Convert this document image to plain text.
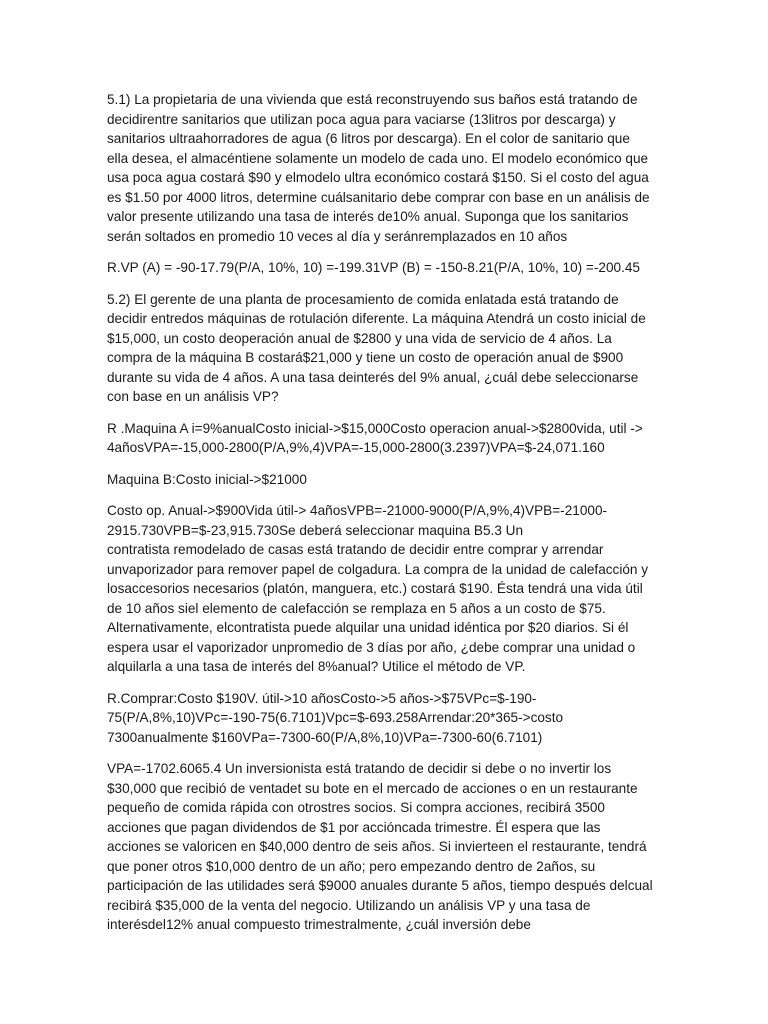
5.1) La propietaria de una vivienda que está reconstruyendo sus baños está tratando de
decidirentre sanitarios que utilizan poca agua para vaciarse (13litros por descarga) y
sanitarios ultraahorradores de agua (6 litros por descarga). En el color de sanitario que
ella desea, el almacéntiene solamente un modelo de cada uno. El modelo económico que
usa poca agua costará $90 y elmodelo ultra económico costará $150. Si el costo del agua
es $1.50 por 4000 litros, determine cuálsanitario debe comprar con base en un análisis de
valor presente utilizando una tasa de interés de10% anual. Suponga que los sanitarios
serán soltados en promedio 10 veces al día y seránremplazados en 10 años
R.VP (A) = -90-17.79(P/A, 10%, 10) =-199.31VP (B) = -150-8.21(P/A, 10%, 10) =-200.45
5.2) El gerente de una planta de procesamiento de comida enlatada está tratando de
decidir entredos máquinas de rotulación diferente. La máquina Atendrá un costo inicial de
$15,000, un costo deoperación anual de $2800 y una vida de servicio de 4 años. La
compra de la máquina B costará$21,000 y tiene un costo de operación anual de $900
durante su vida de 4 años. A una tasa deinterés del 9% anual, ¿cuál debe seleccionarse
con base en un análisis VP?
R .Maquina A i=9%anualCosto inicial->$15,000Costo operacion anual->$2800vida, util ->
4añosVPA=-15,000-2800(P/A,9%,4)VPA=-15,000-2800(3.2397)VPA=$-24,071.160
Maquina B:Costo inicial->$21000
Costo op. Anual->$900Vida útil-> 4añosVPB=-21000-9000(P/A,9%,4)VPB=-21000-
2915.730VPB=$-23,915.730Se deberá seleccionar maquina B5.3 Un
contratista remodelado de casas está tratando de decidir entre comprar y arrendar
unvaporizador para remover papel de colgadura. La compra de la unidad de calefacción y
losaccesorios necesarios (platón, manguera, etc.) costará $190. Ésta tendrá una vida útil
de 10 años siel elemento de calefacción se remplaza en 5 años a un costo de $75.
Alternativamente, elcontratista puede alquilar una unidad idéntica por $20 diarios. Si él
espera usar el vaporizador unpromedio de 3 días por año, ¿debe comprar una unidad o
alquilarla a una tasa de interés del 8%anual? Utilice el método de VP.
R.Comprar:Costo $190V. útil->10 añosCosto->5 años->$75VPc=$-190-
75(P/A,8%,10)VPc=-190-75(6.7101)Vpc=$-693.258Arrendar:20*365->costo
7300anualmente $160VPa=-7300-60(P/A,8%,10)VPa=-7300-60(6.7101)
VPA=-1702.6065.4 Un inversionista está tratando de decidir si debe o no invertir los
$30,000 que recibió de ventadet su bote en el mercado de acciones o en un restaurante
pequeño de comida rápida con otrostres socios. Si compra acciones, recibirá 3500
acciones que pagan dividendos de $1 por accióncada trimestre. Él espera que las
acciones se valoricen en $40,000 dentro de seis años. Si invierteen el restaurante, tendrá
que poner otros $10,000 dentro de un año; pero empezando dentro de 2años, su
participación de las utilidades será $9000 anuales durante 5 años, tiempo después delcual
recibirá $35,000 de la venta del negocio. Utilizando un análisis VP y una tasa de
interésdel12% anual compuesto trimestralmente, ¿cuál inversión debe
